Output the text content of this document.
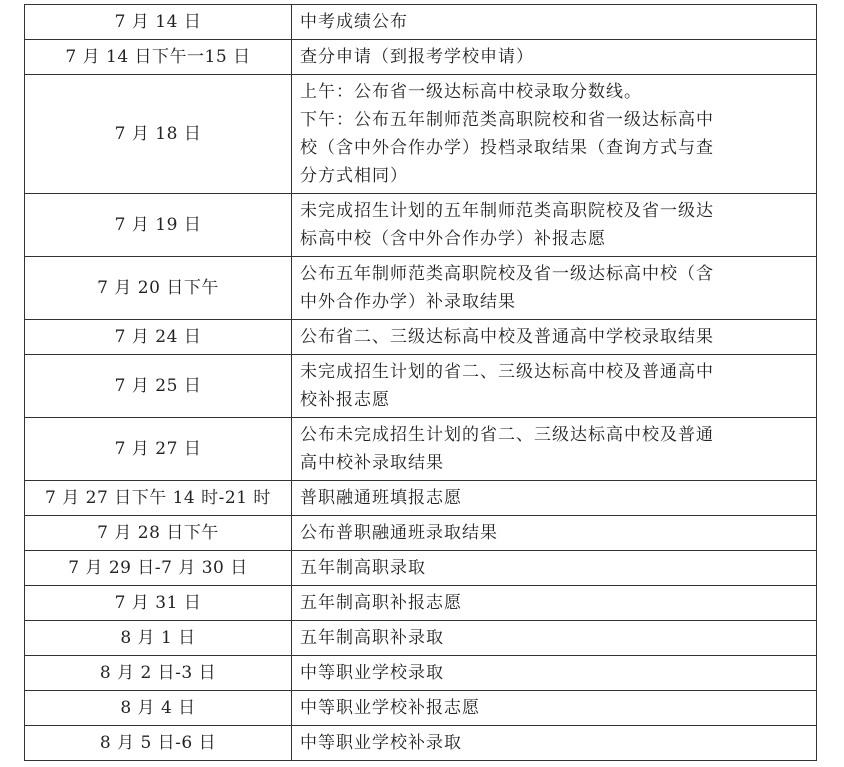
7 月 14 日	中考成绩公布

7 月 14 日下午一15 日	查分申请（到报考学校申请）

7 月 18 日	上午：公布省一级达标高中校录取分数线。
下午：公布五年制师范类高职院校和省一级达标高中
校（含中外合作办学）投档录取结果（查询方式与查
分方式相同）

7 月 19 日	未完成招生计划的五年制师范类高职院校及省一级达
标高中校（含中外合作办学）补报志愿

7 月 20 日下午	公布五年制师范类高职院校及省一级达标高中校（含
中外合作办学）补录取结果

7 月 24 日	公布省二、三级达标高中校及普通高中学校录取结果

7 月 25 日	未完成招生计划的省二、三级达标高中校及普通高中
校补报志愿

7 月 27 日	公布未完成招生计划的省二、三级达标高中校及普通
高中校补录取结果

7 月 27 日下午 14 时-21 时	普职融通班填报志愿

7 月 28 日下午	公布普职融通班录取结果

7 月 29 日-7 月 30 日	五年制高职录取

7 月 31 日	五年制高职补报志愿

8 月 1 日	五年制高职补录取

8 月 2 日-3 日	中等职业学校录取

8 月 4 日	中等职业学校补报志愿

8 月 5 日-6 日	中等职业学校补录取
